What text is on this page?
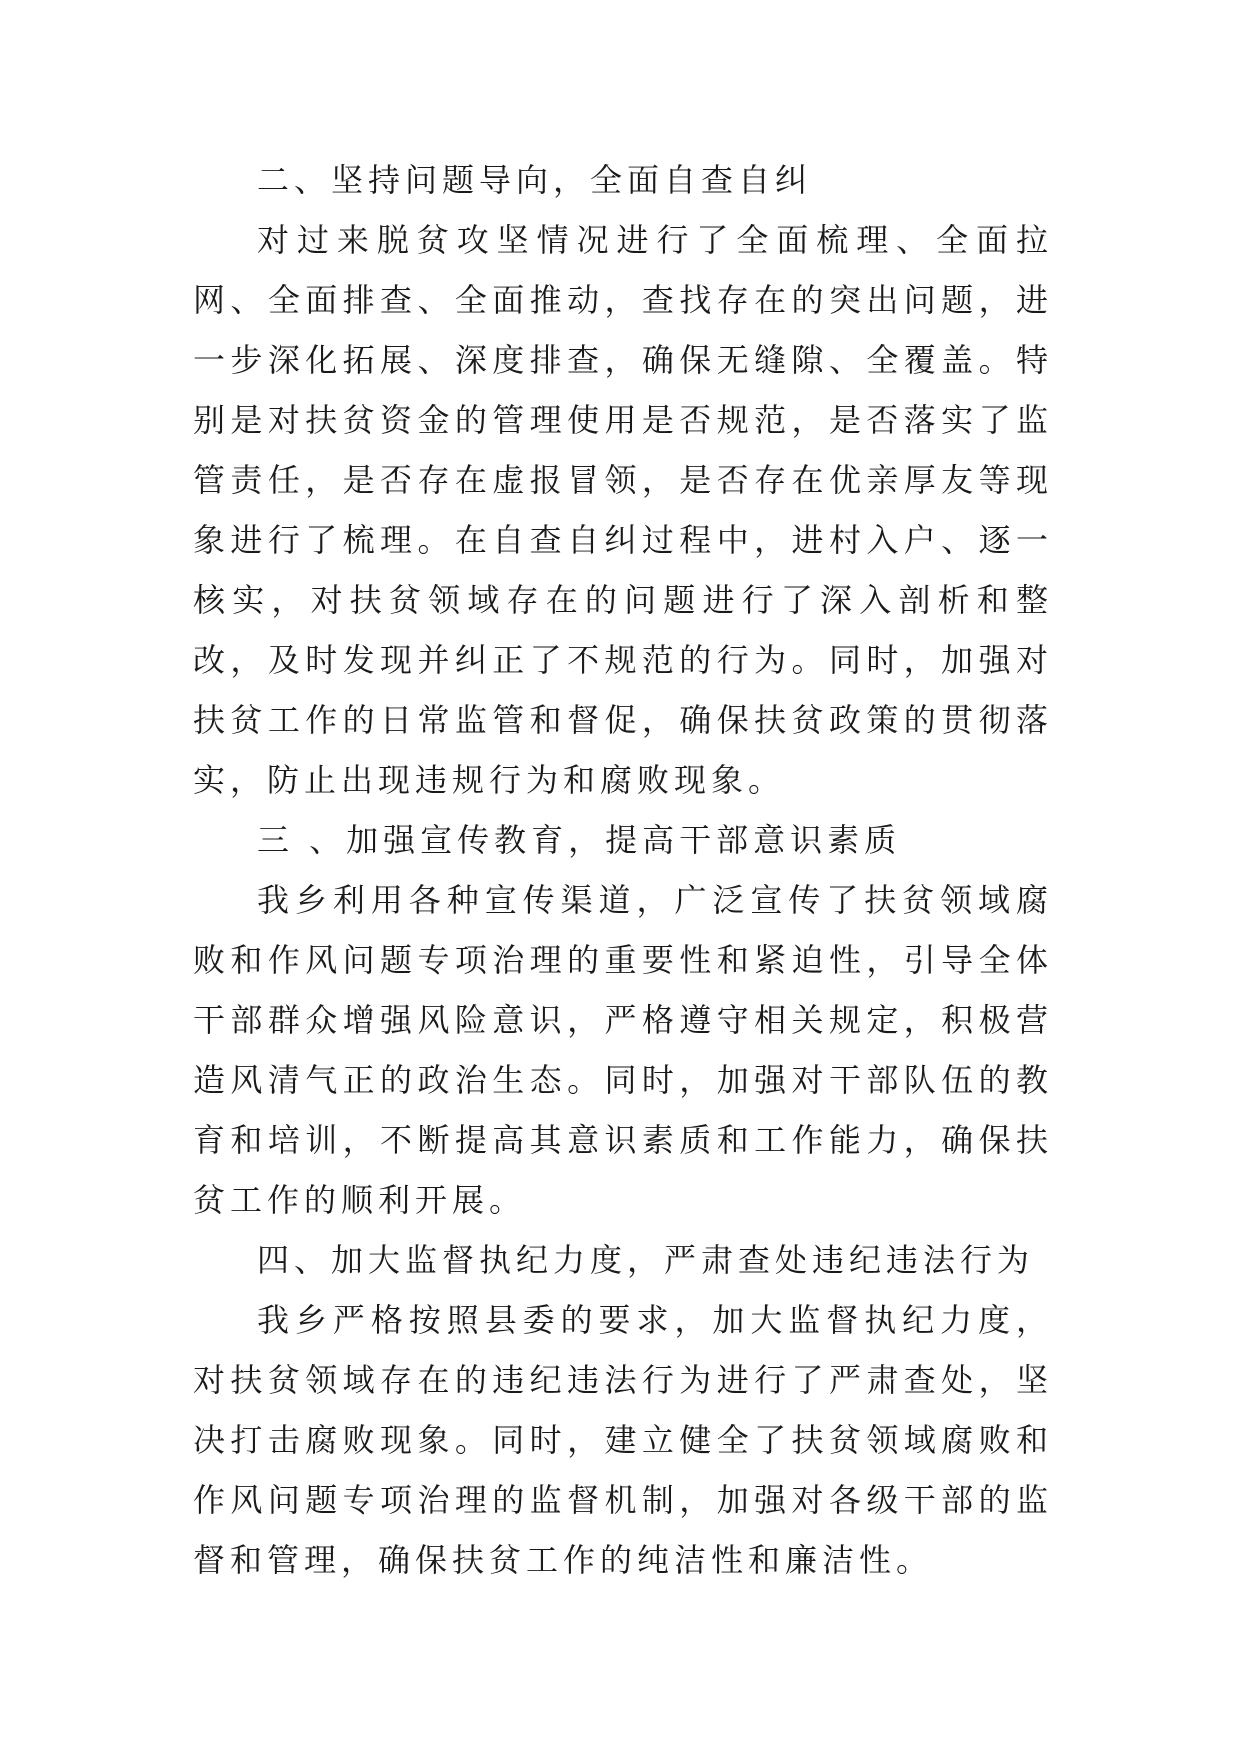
二、坚持问题导向，全面自查自纠

对过来脱贫攻坚情况进行了全面梳理、全面拉网、全面排查、全面推动，查找存在的突出问题，进一步深化拓展、深度排查，确保无缝隙、全覆盖。特别是对扶贫资金的管理使用是否规范，是否落实了监管责任，是否存在虚报冒领，是否存在优亲厚友等现象进行了梳理。在自查自纠过程中，进村入户、逐一核实，对扶贫领域存在的问题进行了深入剖析和整改，及时发现并纠正了不规范的行为。同时，加强对扶贫工作的日常监管和督促，确保扶贫政策的贯彻落实，防止出现违规行为和腐败现象。

三 、加强宣传教育，提高干部意识素质

我乡利用各种宣传渠道，广泛宣传了扶贫领域腐败和作风问题专项治理的重要性和紧迫性，引导全体干部群众增强风险意识，严格遵守相关规定，积极营造风清气正的政治生态。同时，加强对干部队伍的教育和培训，不断提高其意识素质和工作能力，确保扶贫工作的顺利开展。

四、加大监督执纪力度，严肃查处违纪违法行为

我乡严格按照县委的要求，加大监督执纪力度，对扶贫领域存在的违纪违法行为进行了严肃查处，坚决打击腐败现象。同时，建立健全了扶贫领域腐败和作风问题专项治理的监督机制，加强对各级干部的监督和管理，确保扶贫工作的纯洁性和廉洁性。
